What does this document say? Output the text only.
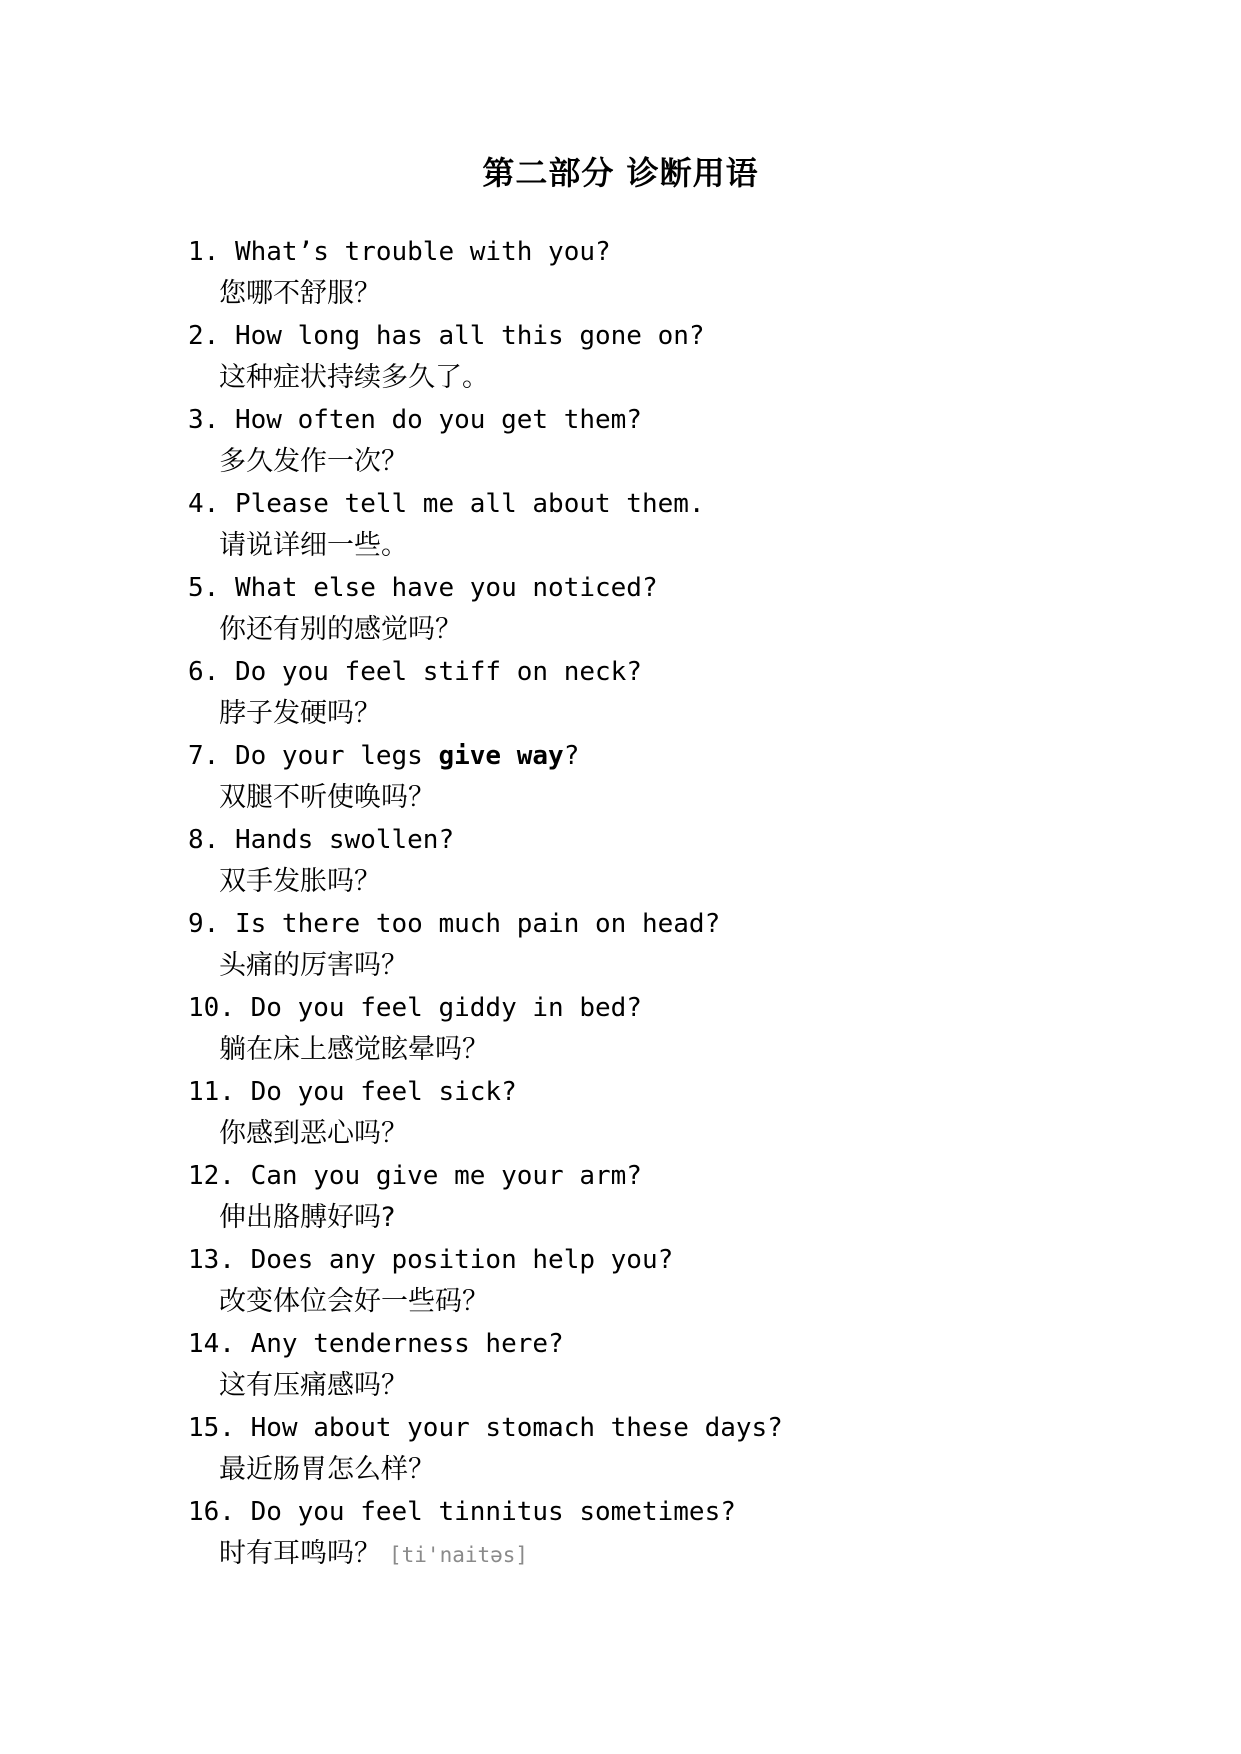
第二部分 诊断用语
1. What’s trouble with you?
您哪不舒服？
2. How long has all this gone on?
这种症状持续多久了。
3. How often do you get them?
多久发作一次？
4. Please tell me all about them.
请说详细一些。
5. What else have you noticed?
你还有别的感觉吗？
6. Do you feel stiff on neck?
脖子发硬吗？
7. Do your legs give way?
双腿不听使唤吗？
8. Hands swollen?
双手发胀吗？
9. Is there too much pain on head?
头痛的厉害吗？
10. Do you feel giddy in bed?
躺在床上感觉眩晕吗？
11. Do you feel sick?
你感到恶心吗？
12. Can you give me your arm?
伸出胳膊好吗?
13. Does any position help you?
改变体位会好一些码？
14. Any tenderness here?
这有压痛感吗？
15. How about your stomach these days?
最近肠胃怎么样？
16. Do you feel tinnitus sometimes?
时有耳鸣吗？ [ti'naitəs]
